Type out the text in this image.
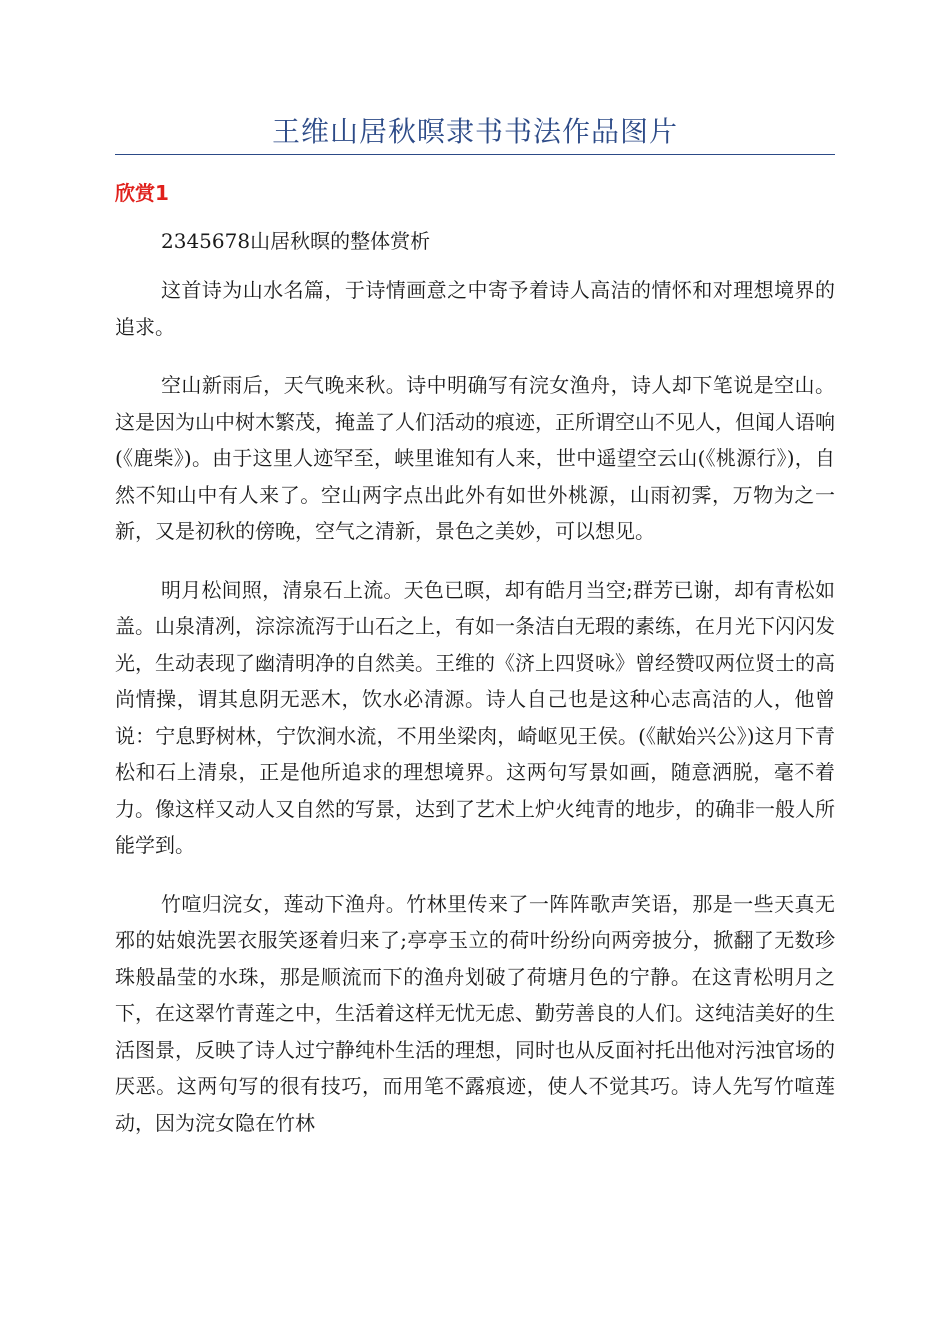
王维山居秋暝隶书书法作品图片
欣赏1

2345678山居秋暝的整体赏析

这首诗为山水名篇，于诗情画意之中寄予着诗人高洁的情怀和对理想境界的追求。

空山新雨后，天气晚来秋。诗中明确写有浣女渔舟，诗人却下笔说是空山。这是因为山中树木繁茂，掩盖了人们活动的痕迹，正所谓空山不见人，但闻人语响(《鹿柴》)。由于这里人迹罕至，峡里谁知有人来，世中遥望空云山(《桃源行》)，自然不知山中有人来了。空山两字点出此外有如世外桃源，山雨初霁，万物为之一新，又是初秋的傍晚，空气之清新，景色之美妙，可以想见。

明月松间照，清泉石上流。天色已暝，却有皓月当空;群芳已谢，却有青松如盖。山泉清冽，淙淙流泻于山石之上，有如一条洁白无瑕的素练，在月光下闪闪发光，生动表现了幽清明净的自然美。王维的《济上四贤咏》曾经赞叹两位贤士的高尚情操，谓其息阴无恶木，饮水必清源。诗人自己也是这种心志高洁的人，他曾说：宁息野树林，宁饮涧水流，不用坐梁肉，崎岖见王侯。(《献始兴公》)这月下青松和石上清泉，正是他所追求的理想境界。这两句写景如画，随意洒脱，毫不着力。像这样又动人又自然的写景，达到了艺术上炉火纯青的地步，的确非一般人所能学到。

竹喧归浣女，莲动下渔舟。竹林里传来了一阵阵歌声笑语，那是一些天真无邪的姑娘洗罢衣服笑逐着归来了;亭亭玉立的荷叶纷纷向两旁披分，掀翻了无数珍珠般晶莹的水珠，那是顺流而下的渔舟划破了荷塘月色的宁静。在这青松明月之下，在这翠竹青莲之中，生活着这样无忧无虑、勤劳善良的人们。这纯洁美好的生活图景，反映了诗人过宁静纯朴生活的理想，同时也从反面衬托出他对污浊官场的厌恶。这两句写的很有技巧，而用笔不露痕迹，使人不觉其巧。诗人先写竹喧莲动，因为浣女隐在竹林
